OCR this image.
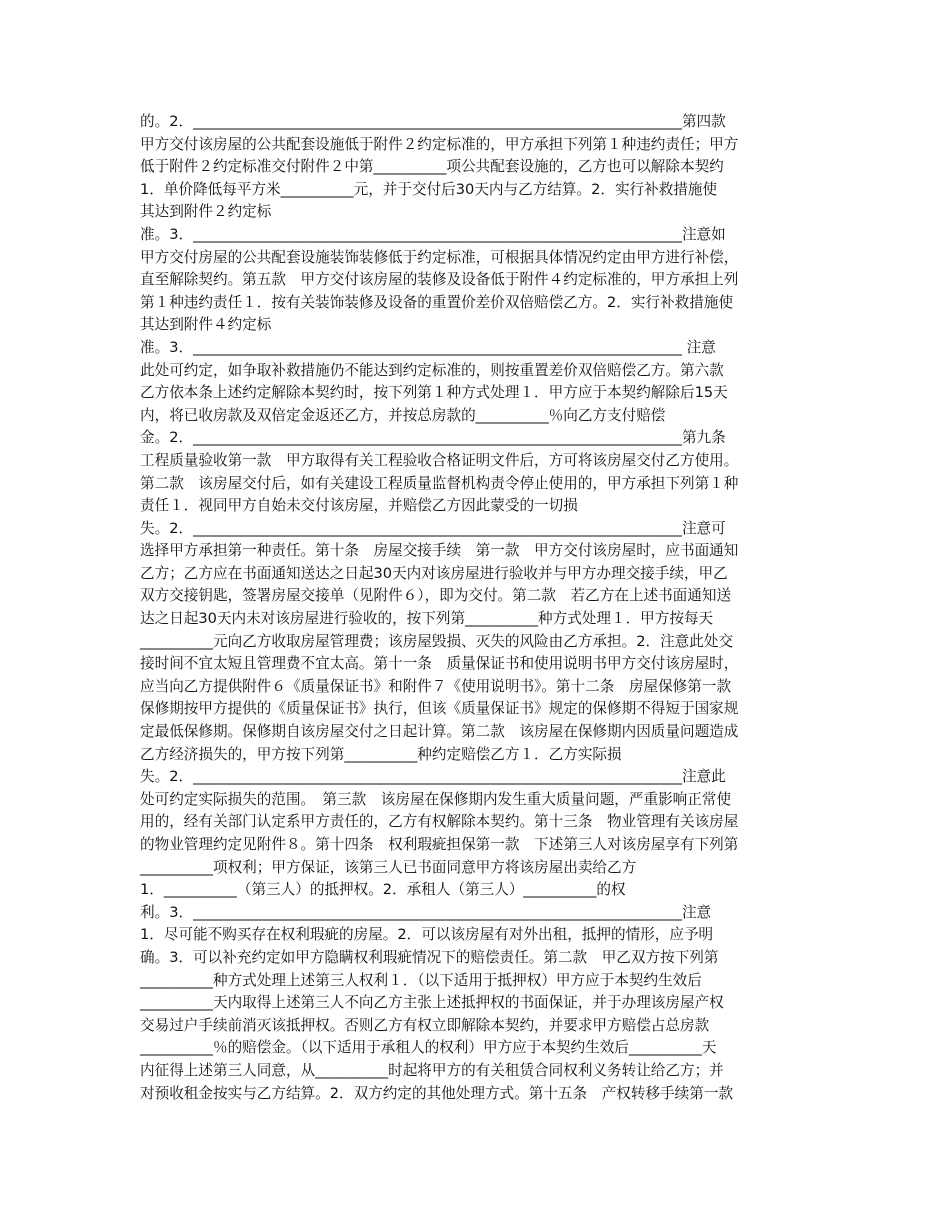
的。2．___________________________________________________________________第四款
甲方交付该房屋的公共配套设施低于附件２约定标准的，甲方承担下列第１种违约责任；甲方
低于附件２约定标准交付附件２中第__________项公共配套设施的，乙方也可以解除本契约
1．单价降低每平方米__________元，并于交付后30天内与乙方结算。2．实行补救措施使
其达到附件２约定标
准。3．___________________________________________________________________注意如
甲方交付房屋的公共配套设施装饰装修低于约定标准，可根据具体情况约定由甲方进行补偿，
直至解除契约。第五款　甲方交付该房屋的装修及设备低于附件４约定标准的，甲方承担上列
第１种违约责任１．按有关装饰装修及设备的重置价差价双倍赔偿乙方。2．实行补救措施使
其达到附件４约定标
准。3．___________________________________________________________________ 注意
此处可约定，如争取补救措施仍不能达到约定标准的，则按重置差价双倍赔偿乙方。第六款
乙方依本条上述约定解除本契约时，按下列第１种方式处理１．甲方应于本契约解除后15天
内，将已收房款及双倍定金返还乙方，并按总房款的__________％向乙方支付赔偿
金。2．___________________________________________________________________第九条
工程质量验收第一款　甲方取得有关工程验收合格证明文件后，方可将该房屋交付乙方使用。
第二款　该房屋交付后，如有关建设工程质量监督机构责令停止使用的，甲方承担下列第１种
责任１．视同甲方自始未交付该房屋，并赔偿乙方因此蒙受的一切损
失。2．___________________________________________________________________注意可
选择甲方承担第一种责任。第十条　房屋交接手续　第一款　甲方交付该房屋时，应书面通知
乙方；乙方应在书面通知送达之日起30天内对该房屋进行验收并与甲方办理交接手续，甲乙
双方交接钥匙，签署房屋交接单（见附件６），即为交付。第二款　若乙方在上述书面通知送
达之日起30天内未对该房屋进行验收的，按下列第__________种方式处理１．甲方按每天
__________元向乙方收取房屋管理费；该房屋毁损、灭失的风险由乙方承担。2．注意此处交
接时间不宜太短且管理费不宜太高。第十一条　质量保证书和使用说明书甲方交付该房屋时，
应当向乙方提供附件６《质量保证书》和附件７《使用说明书》。第十二条　房屋保修第一款
保修期按甲方提供的《质量保证书》执行，但该《质量保证书》规定的保修期不得短于国家规
定最低保修期。保修期自该房屋交付之日起计算。第二款　该房屋在保修期内因质量问题造成
乙方经济损失的，甲方按下列第__________种约定赔偿乙方１．乙方实际损
失。2．___________________________________________________________________注意此
处可约定实际损失的范围。　第三款　该房屋在保修期内发生重大质量问题，严重影响正常使
用的，经有关部门认定系甲方责任的，乙方有权解除本契约。第十三条　物业管理有关该房屋
的物业管理约定见附件８。第十四条　权利瑕疵担保第一款　下述第三人对该房屋享有下列第
__________项权利；甲方保证，该第三人已书面同意甲方将该房屋出卖给乙方
1．__________（第三人）的抵押权。2．承租人（第三人）__________的权
利。3．___________________________________________________________________注意
1．尽可能不购买存在权利瑕疵的房屋。2．可以该房屋有对外出租，抵押的情形，应予明
确。3．可以补充约定如甲方隐瞒权利瑕疵情况下的赔偿责任。第二款　甲乙双方按下列第
__________种方式处理上述第三人权利１．（以下适用于抵押权）甲方应于本契约生效后
__________天内取得上述第三人不向乙方主张上述抵押权的书面保证，并于办理该房屋产权
交易过户手续前消灭该抵押权。否则乙方有权立即解除本契约，并要求甲方赔偿占总房款
__________％的赔偿金。（以下适用于承租人的权利）甲方应于本契约生效后__________天
内征得上述第三人同意，从__________时起将甲方的有关租赁合同权利义务转让给乙方；并
对预收租金按实与乙方结算。2．双方约定的其他处理方式。第十五条　产权转移手续第一款
